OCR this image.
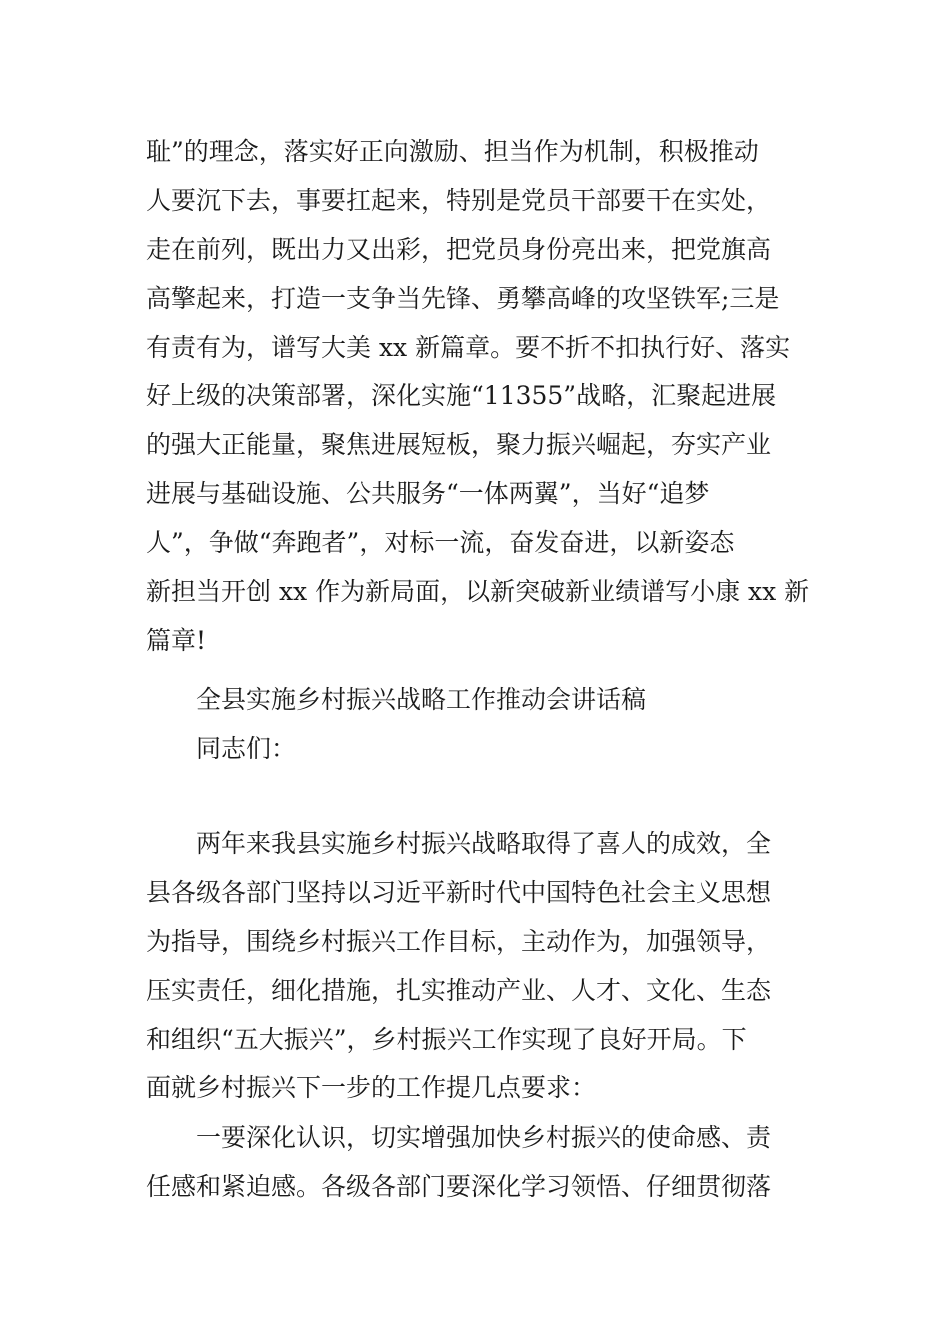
耻”的理念，落实好正向激励、担当作为机制，积极推动
人要沉下去，事要扛起来，特别是党员干部要干在实处，
走在前列，既出力又出彩，把党员身份亮出来，把党旗高
高擎起来，打造一支争当先锋、勇攀高峰的攻坚铁军;三是
有责有为，谱写大美 xx 新篇章。要不折不扣执行好、落实
好上级的决策部署，深化实施“11355”战略，汇聚起进展
的强大正能量，聚焦进展短板，聚力振兴崛起，夯实产业
进展与基础设施、公共服务“一体两翼”，当好“追梦
人”，争做“奔跑者”，对标一流，奋发奋进，以新姿态
新担当开创 xx 作为新局面，以新突破新业绩谱写小康 xx 新
篇章!
全县实施乡村振兴战略工作推动会讲话稿
同志们：
两年来我县实施乡村振兴战略取得了喜人的成效，全
县各级各部门坚持以习近平新时代中国特色社会主义思想
为指导，围绕乡村振兴工作目标，主动作为，加强领导，
压实责任，细化措施，扎实推动产业、人才、文化、生态
和组织“五大振兴”，乡村振兴工作实现了良好开局。下
面就乡村振兴下一步的工作提几点要求：
一要深化认识，切实增强加快乡村振兴的使命感、责
任感和紧迫感。各级各部门要深化学习领悟、仔细贯彻落
